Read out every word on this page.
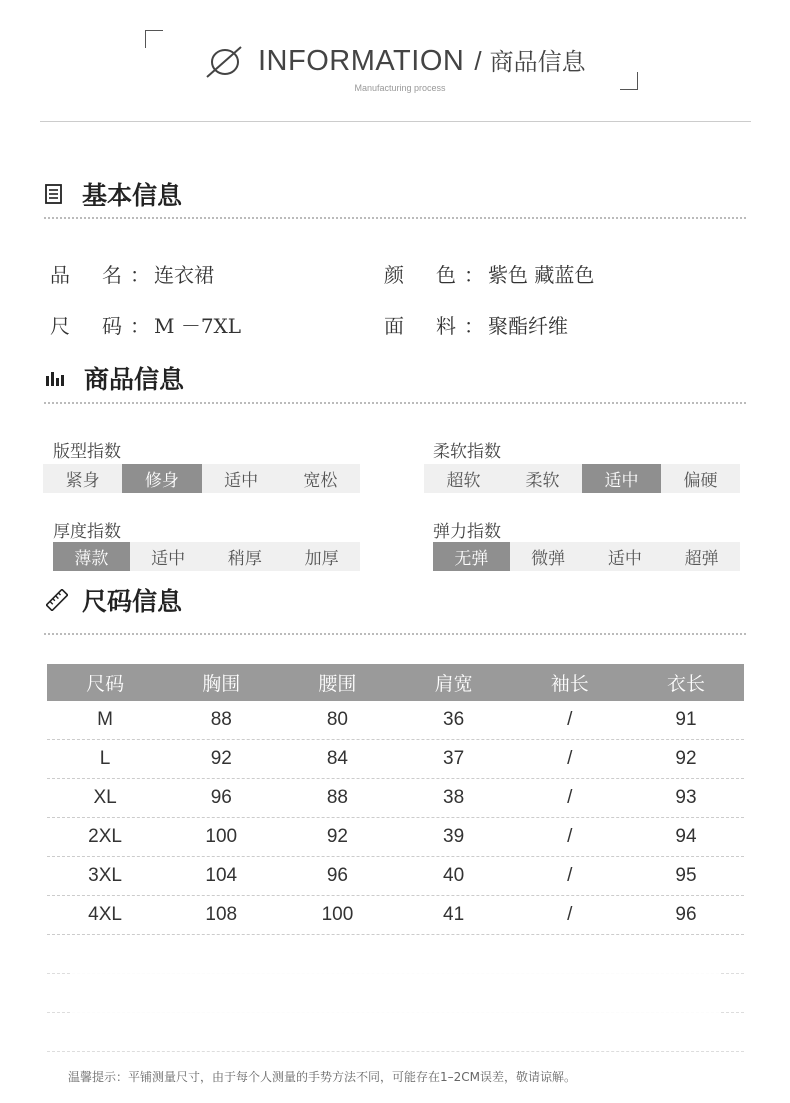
INFORMATION / 商品信息
Manufacturing process
基本信息
品 名 ： 连衣裙	颜 色 ： 紫色 藏蓝色
尺 码 ： M －7XL	面 料 ： 聚酯纤维
商品信息
版型指数
紧身	修身	适中	宽松
柔软指数
超软	柔软	适中	偏硬
厚度指数
薄款	适中	稍厚	加厚
弹力指数
无弹	微弹	适中	超弹
尺码信息
尺码	胸围	腰围	肩宽	袖长	衣长
M	88	80	36	/	91
L	92	84	37	/	92
XL	96	88	38	/	93
2XL	100	92	39	/	94
3XL	104	96	40	/	95
4XL	108	100	41	/	96
温馨提示：平铺测量尺寸，由于每个人测量的手势方法不同，可能存在1–2CM误差，敬请谅解。
